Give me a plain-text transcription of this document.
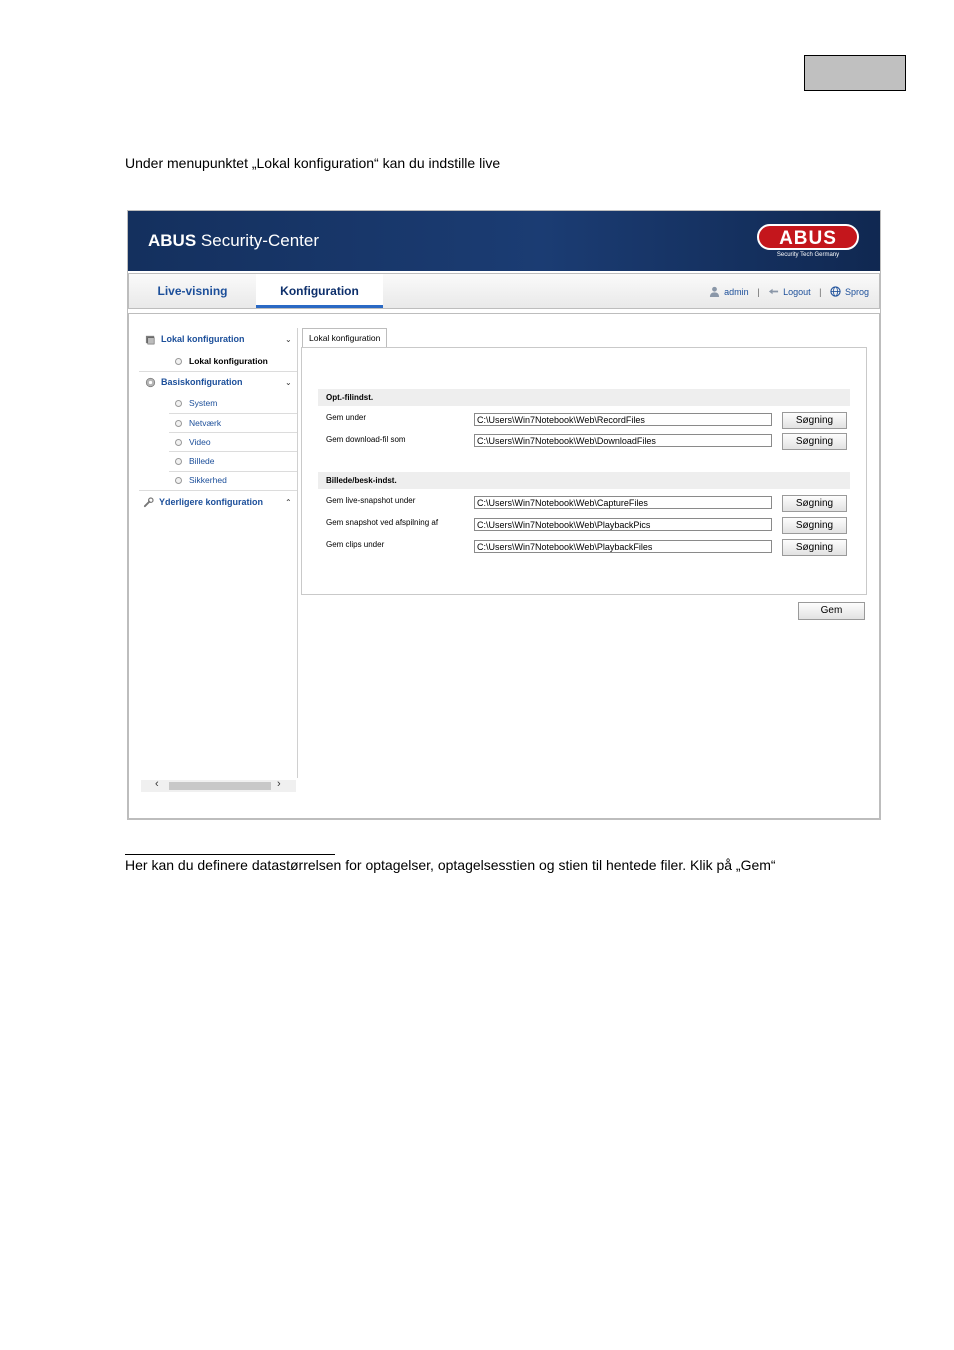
Under menupunktet „Lokal konfiguration“ kan du indstille live
ABUS Security-Center	ABUS
Security Tech Germany
Live-visning	Konfiguration	admin |	Logout |	Sprog
Lokal konfiguration	⌄
Lokal konfiguration
Basiskonfiguration	⌄
System
Netværk
Video
Billede
Sikkerhed
Yderligere konfiguration	⌃
‹	›
Lokal konfiguration
Opt.-filindst.
Gem under	C:\Users\Win7Notebook\Web\RecordFiles	Søgning
Gem download-fil som	C:\Users\Win7Notebook\Web\DownloadFiles	Søgning
Billede/besk-indst.
Gem live-snapshot under	C:\Users\Win7Notebook\Web\CaptureFiles	Søgning
Gem snapshot ved afspilning af	C:\Users\Win7Notebook\Web\PlaybackPics	Søgning
Gem clips under	C:\Users\Win7Notebook\Web\PlaybackFiles	Søgning
Gem
Her kan du definere datastørrelsen for optagelser, optagelsesstien og stien til hentede filer. Klik på „Gem“
